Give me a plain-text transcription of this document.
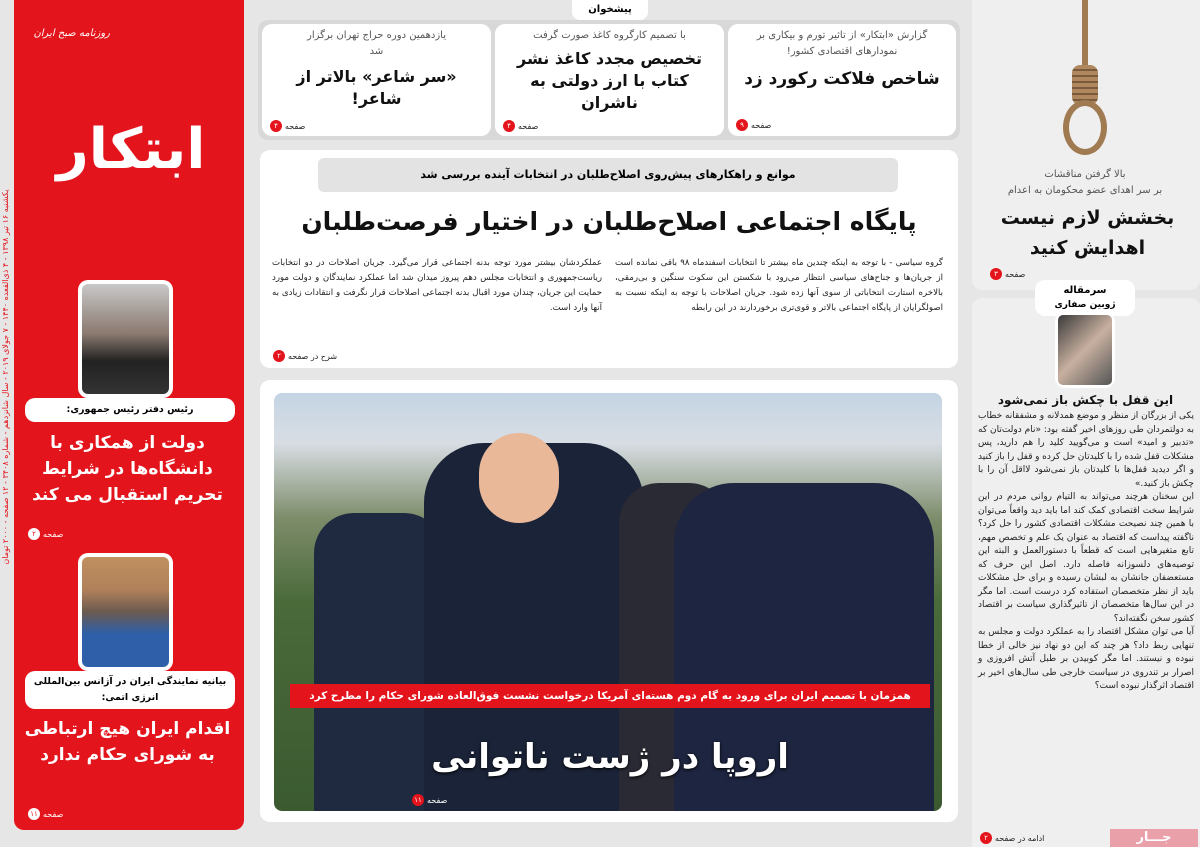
یکشنبه ۱۶ تیر ۱۳۹۸ - ۴ ذی‌القعده ۱۴۴۰ - ۷ جولای ۲۰۱۹ - سال شانزدهم - شماره ۳۴۰۸ - ۱۲ صفحه - ۲۰۰۰ تومان
ابتکار
روزنامه صبح ایران
رئیس دفتر رئیس جمهوری:
دولت از همکاری با دانشگاه‌ها در شرایط تحریم استقبال می کند
صفحه
۲
بیانیه نمایندگی ایران در آژانس بین‌المللی انرژی اتمی:
اقدام ایران هیچ ارتباطی به شورای حکام ندارد
صفحه
۱۱
پیشخوان
گزارش «ابتکار» از تاثیر تورم و بیکاری بر نمودارهای اقتصادی کشور!
شاخص فلاکت رکورد زد
صفحه
۹
با تصمیم کارگروه کاغذ صورت گرفت
تخصیص مجدد کاغذ نشر کتاب با ارز دولتی به ناشران
صفحه
۴
یازدهمین دوره حراج تهران برگزار شد
«سر شاعر» بالاتر از شاعر!
صفحه
۴
موانع و راهکارهای پیش‌روی اصلاح‌طلبان در انتخابات آینده بررسی شد
پایگاه اجتماعی اصلاح‌طلبان در اختیار فرصت‌طلبان
گروه سیاسی - با توجه به اینکه چندین ماه بیشتر تا انتخابات اسفندماه ۹۸ باقی نمانده است از جریان‌ها و جناح‌های سیاسی انتظار می‌رود با شکستن این سکوت سنگین و بی‌رمقی، بالاخره استارت انتخاباتی از سوی آنها زده شود. جریان اصلاحات با توجه به اینکه نسبت به اصولگرایان از پایگاه اجتماعی بالاتر و قوی‌تری برخوردارند در این رابطه
عملکردشان بیشتر مورد توجه بدنه اجتماعی قرار می‌گیرد. جریان اصلاحات در دو انتخابات ریاست‌جمهوری و انتخابات مجلس دهم پیروز میدان شد اما عملکرد نمایندگان و دولت مورد حمایت این جریان، چندان مورد اقبال بدنه اجتماعی اصلاحات قرار نگرفت و انتقادات زیادی به آنها وارد است.
شرح در صفحه
۲
همزمان با تصمیم ایران برای ورود به گام دوم هسته‌ای آمریکا درخواست نشست فوق‌العاده شورای حکام را مطرح کرد
اروپا در ژست ناتوانی
صفحه
۱۱
بالا گرفتن مناقشات
بر سر اهدای عضو محکومان به اعدام
بخشش لازم نیست اهدایش کنید
صفحه
۳
سرمقاله
ژوبین صفاری
این قفل با چکش باز نمی‌شود

یکی از بزرگان از منظر و موضع همدلانه و مشفقانه خطاب به دولتمردان طی روزهای اخیر گفته بود: «نام دولت‌تان که «تدبیر و امید» است و می‌گویید کلید را هم دارید، پس مشکلات قفل شده را با کلیدتان حل کرده و قفل را باز کنید و اگر دیدید قفل‌ها با کلیدتان باز نمی‌شود لااقل آن را با چکش باز کنید.»

این سخنان هرچند می‌تواند به التیام روانی مردم در این شرایط سخت اقتصادی کمک کند اما باید دید واقعاً می‌توان با همین چند نصیحت مشکلات اقتصادی کشور را حل کرد؟ ناگفته پیداست که اقتصاد به عنوان یک علم و تخصص مهم، تابع متغیرهایی است که قطعاً با دستورالعمل و البته این توصیه‌های دلسوزانه فاصله دارد. اصل این حرف که مستعضفان جانشان به لبشان رسیده و برای حل مشکلات باید از نظر متخصصان استفاده کرد درست است. اما مگر در این سال‌ها متخصصان از تاثیرگذاری سیاست بر اقتصاد کشور سخن نگفته‌اند؟

آیا می توان مشکل اقتصاد را به عملکرد دولت و مجلس به تنهایی ربط داد؟ هر چند که این دو نهاد نیز خالی از خطا نبوده و نیستند. اما مگر کوبیدن بر طبل آتش افروزی و اصرار بر تندروی در سیاست خارجی طی سال‌های اخیر بر اقتصاد اثرگذار نبوده است؟

ادامه در صفحه
۲	جـــار
